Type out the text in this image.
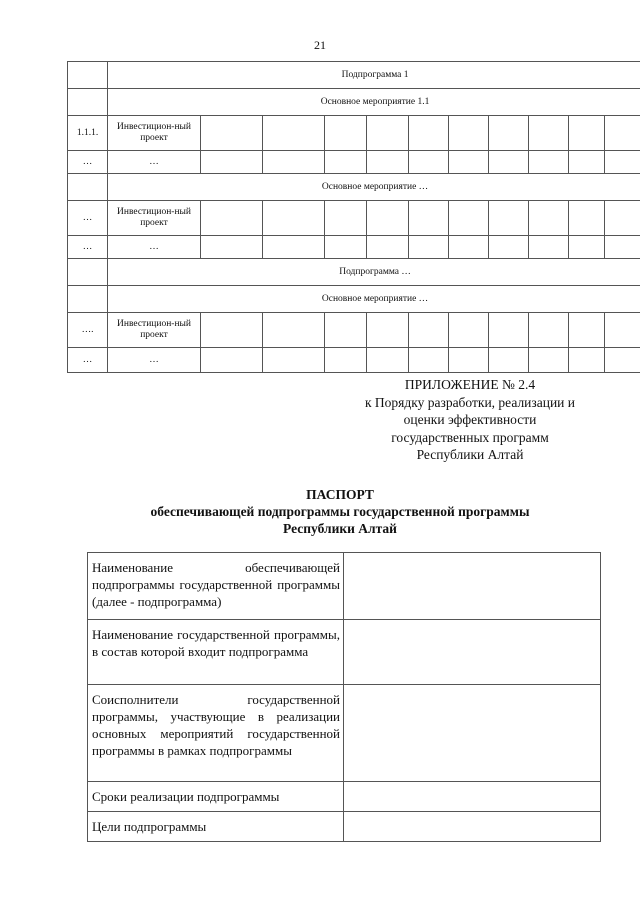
21
	Подпрограмма 1										
	Основное мероприятие 1.1										
1.1.1.	Инвестицион-ный проект										
…	…										
	Основное мероприятие …										
…	Инвестицион-ный проект										
…	…										
	Подпрограмма …										
	Основное мероприятие …										
….	Инвестицион-ный проект										
…	…										
ПРИЛОЖЕНИЕ № 2.4
к Порядку разработки, реализации и
оценки эффективности
государственных программ
Республики Алтай
ПАСПОРТ
обеспечивающей подпрограммы государственной программы
Республики Алтай
Наименование обеспечивающей подпрограммы государственной программы (далее - подпрограмма)	
Наименование государственной программы, в состав которой входит подпрограмма	
Соисполнители государственной программы, участвующие в реализации основных мероприятий государственной программы в рамках подпрограммы	
Сроки реализации подпрограммы	
Цели подпрограммы	
